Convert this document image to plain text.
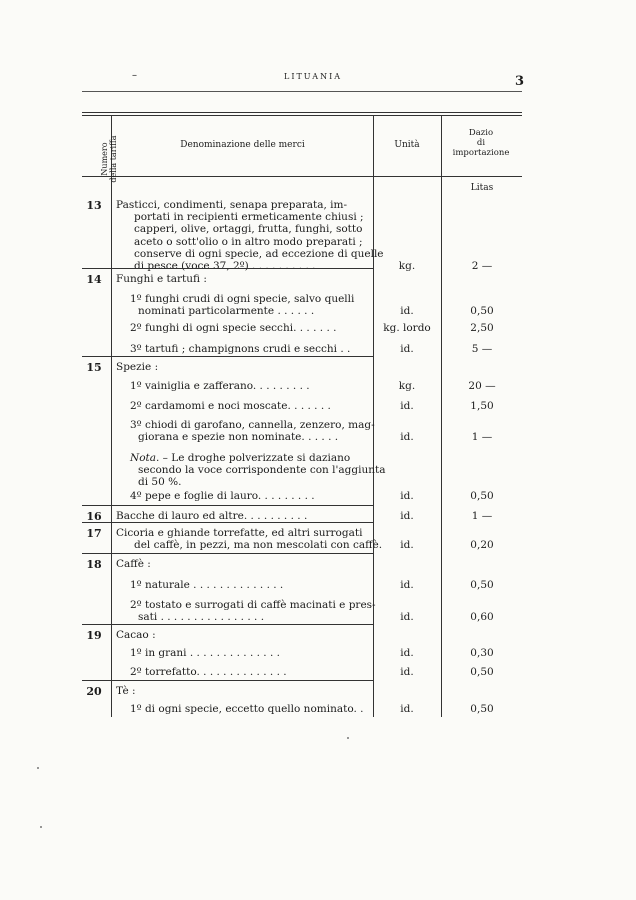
–	LITUANIA	3
Numero della tariffa	Denominazione delle merci	Unità
Dazio
di
importazione
Litas
13 Pasticci, condimenti, senapa preparata, im-
portati in recipienti ermeticamente chiusi ;
capperi, olive, ortaggi, frutta, funghi, sotto
aceto o sott'olio o in altro modo preparati ;
conserve di ogni specie, ad eccezione di quelle
di pesce (voce 37, 2º) . . . . . . . . . .	kg.	2 —
14 Funghi e tartufi :
1º funghi crudi di ogni specie, salvo quelli
nominati particolarmente . . . . . .	id.	0,50
2º funghi di ogni specie secchi. . . . . . .	kg. lordo	2,50
3º tartufi ; champignons crudi e secchi . .	id.	5 —
15 Spezie :
1º vainiglia e zafferano. . . . . . . . .	kg.	20 —
2º cardamomi e noci moscate. . . . . . .	id.	1,50
3º chiodi di garofano, cannella, zenzero, mag-
giorana e spezie non nominate. . . . . .	id.	1 —
Nota. – Le droghe polverizzate si daziano
secondo la voce corrispondente con l'aggiunta
di 50 %.
4º pepe e foglie di lauro. . . . . . . . .	id.	0,50
16 Bacche di lauro ed altre. . . . . . . . . .	id.	1 —
17 Cicoria e ghiande torrefatte, ed altri surrogati
del caffè, in pezzi, ma non mescolati con caffè.	id.	0,20
18 Caffè :
1º naturale . . . . . . . . . . . . . .	id.	0,50
2º tostato e surrogati di caffè macinati e pres-
sati . . . . . . . . . . . . . . . .	id.	0,60
19 Cacao :
1º in grani . . . . . . . . . . . . . .	id.	0,30
2º torrefatto. . . . . . . . . . . . . .	id.	0,50
20 Tè :
1º di ogni specie, eccetto quello nominato. .	id.	0,50
